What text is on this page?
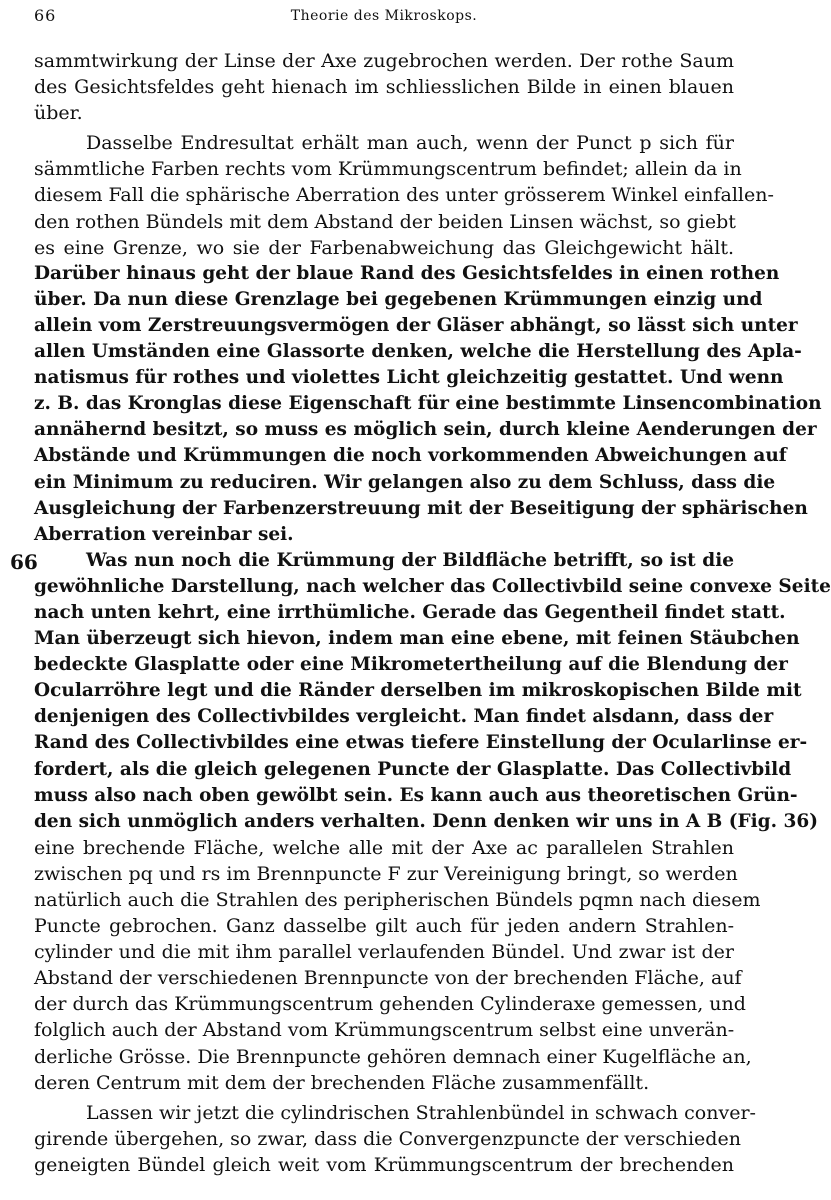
66	Theorie des Mikroskops.
66
sammtwirkung der Linse der Axe zugebrochen werden. Der rothe Saum
des Gesichtsfeldes geht hienach im schliesslichen Bilde in einen blauen
über.
Dasselbe Endresultat erhält man auch, wenn der Punct p sich für
sämmtliche Farben rechts vom Krümmungscentrum befindet; allein da in
diesem Fall die sphärische Aberration des unter grösserem Winkel einfallen-
den rothen Bündels mit dem Abstand der beiden Linsen wächst, so giebt
es eine Grenze, wo sie der Farbenabweichung das Gleichgewicht hält.
Darüber hinaus geht der blaue Rand des Gesichtsfeldes in einen rothen
über. Da nun diese Grenzlage bei gegebenen Krümmungen einzig und
allein vom Zerstreuungsvermögen der Gläser abhängt, so lässt sich unter
allen Umständen eine Glassorte denken, welche die Herstellung des Apla-
natismus für rothes und violettes Licht gleichzeitig gestattet. Und wenn
z. B. das Kronglas diese Eigenschaft für eine bestimmte Linsencombination
annähernd besitzt, so muss es möglich sein, durch kleine Aenderungen der
Abstände und Krümmungen die noch vorkommenden Abweichungen auf
ein Minimum zu reduciren. Wir gelangen also zu dem Schluss, dass die
Ausgleichung der Farbenzerstreuung mit der Beseitigung der sphärischen
Aberration vereinbar sei.
Was nun noch die Krümmung der Bildfläche betrifft, so ist die
gewöhnliche Darstellung, nach welcher das Collectivbild seine convexe Seite
nach unten kehrt, eine irrthümliche. Gerade das Gegentheil findet statt.
Man überzeugt sich hievon, indem man eine ebene, mit feinen Stäubchen
bedeckte Glasplatte oder eine Mikrometertheilung auf die Blendung der
Ocularröhre legt und die Ränder derselben im mikroskopischen Bilde mit
denjenigen des Collectivbildes vergleicht. Man findet alsdann, dass der
Rand des Collectivbildes eine etwas tiefere Einstellung der Ocularlinse er-
fordert, als die gleich gelegenen Puncte der Glasplatte. Das Collectivbild
muss also nach oben gewölbt sein. Es kann auch aus theoretischen Grün-
den sich unmöglich anders verhalten. Denn denken wir uns in A B (Fig. 36)
eine brechende Fläche, welche alle mit der Axe ac parallelen Strahlen
zwischen pq und rs im Brennpuncte F zur Vereinigung bringt, so werden
natürlich auch die Strahlen des peripherischen Bündels pqmn nach diesem
Puncte gebrochen. Ganz dasselbe gilt auch für jeden andern Strahlen-
cylinder und die mit ihm parallel verlaufenden Bündel. Und zwar ist der
Abstand der verschiedenen Brennpuncte von der brechenden Fläche, auf
der durch das Krümmungscentrum gehenden Cylinderaxe gemessen, und
folglich auch der Abstand vom Krümmungscentrum selbst eine unverän-
derliche Grösse. Die Brennpuncte gehören demnach einer Kugelfläche an,
deren Centrum mit dem der brechenden Fläche zusammenfällt.
Lassen wir jetzt die cylindrischen Strahlenbündel in schwach conver-
girende übergehen, so zwar, dass die Convergenzpuncte der verschieden
geneigten Bündel gleich weit vom Krümmungscentrum der brechenden
